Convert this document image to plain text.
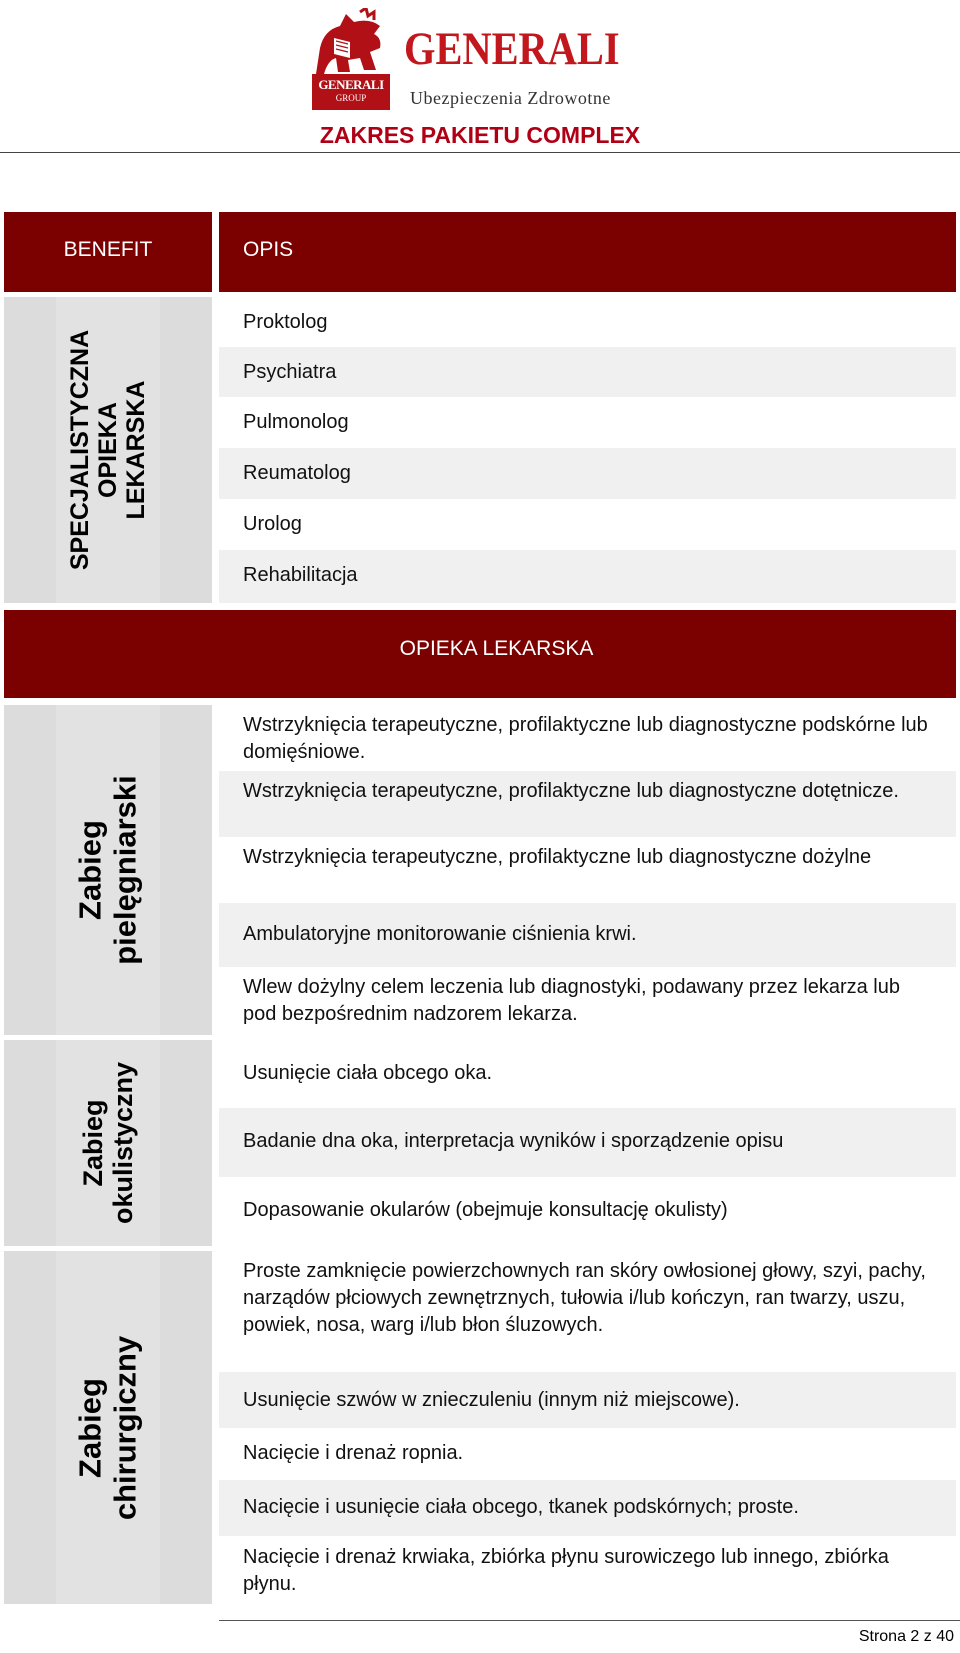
GENERALI
GROUP
GENERALI
Ubezpieczenia Zdrowotne
ZAKRES PAKIETU COMPLEX
BENEFIT	OPIS
SPECJALISTYCZNA OPIEKA LEKARSKA
Proktolog
Psychiatra
Pulmonolog
Reumatolog
Urolog
Rehabilitacja
OPIEKA LEKARSKA
Zabieg pielęgniarski
Wstrzyknięcia terapeutyczne, profilaktyczne lub diagnostyczne podskórne lub domięśniowe.
Wstrzyknięcia terapeutyczne, profilaktyczne lub diagnostyczne dotętnicze.
Wstrzyknięcia terapeutyczne, profilaktyczne lub diagnostyczne dożylne
Ambulatoryjne monitorowanie ciśnienia krwi.
Wlew dożylny celem leczenia lub diagnostyki, podawany przez lekarza lub pod bezpośrednim nadzorem lekarza.
Zabieg okulistyczny	Usunięcie ciała obcego oka.
Badanie dna oka, interpretacja wyników i sporządzenie opisu
Dopasowanie okularów (obejmuje konsultację okulisty)
Zabieg chirurgiczny
Proste zamknięcie powierzchownych ran skóry owłosionej głowy, szyi, pachy, narządów płciowych zewnętrznych, tułowia i/lub kończyn, ran twarzy, uszu, powiek, nosa, warg i/lub błon śluzowych.
Usunięcie szwów w znieczuleniu (innym niż miejscowe).
Nacięcie i drenaż ropnia.
Nacięcie i usunięcie ciała obcego, tkanek podskórnych; proste.
Nacięcie i drenaż krwiaka, zbiórka płynu surowiczego lub innego, zbiórka płynu.
Strona 2 z 40
